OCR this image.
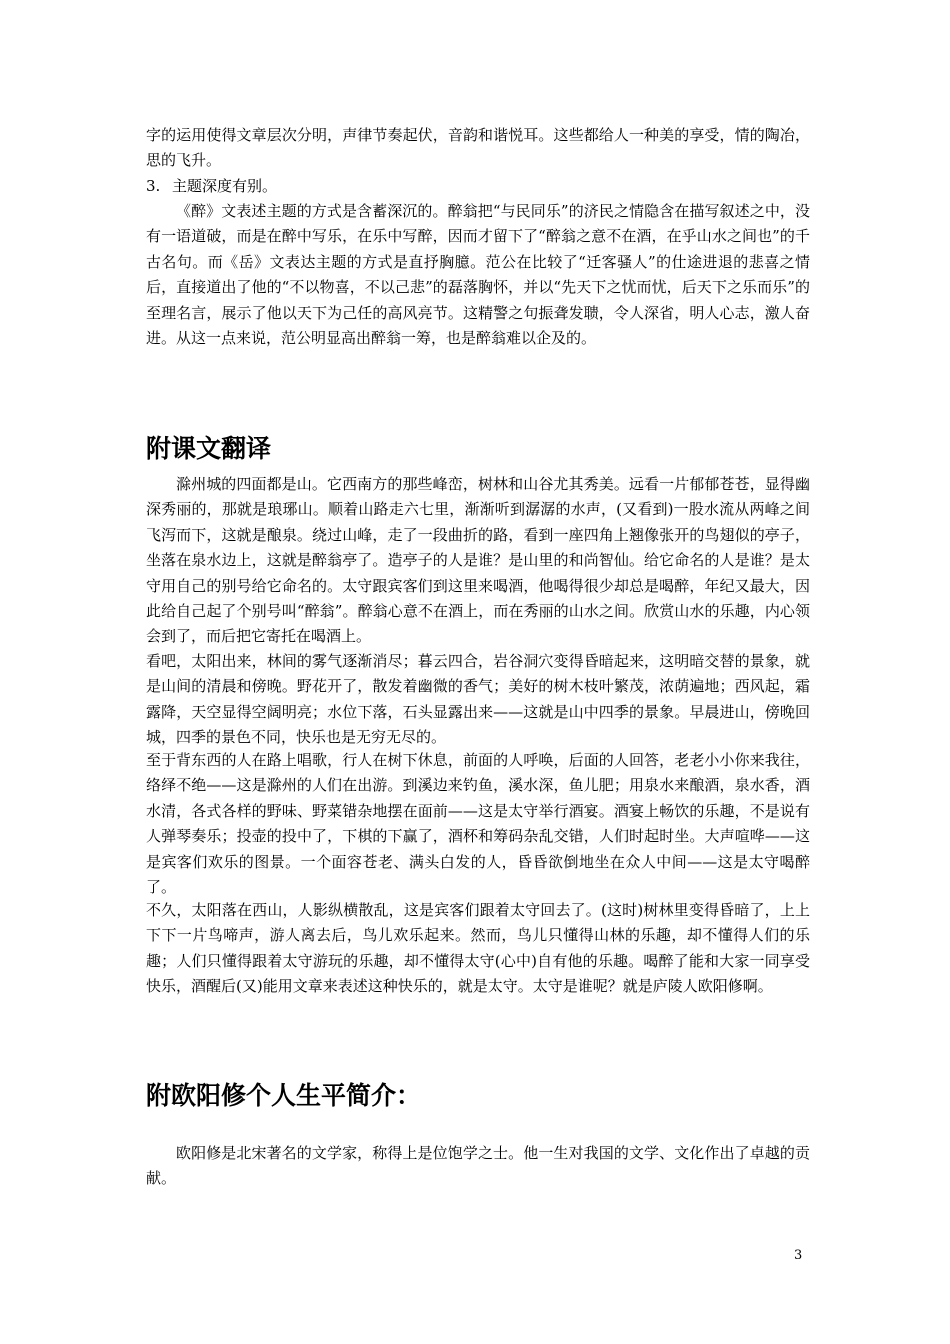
字的运用使得文章层次分明，声律节奏起伏，音韵和谐悦耳。这些都给人一种美的享受，情的陶冶，思的飞升。

3. 主题深度有别。

《醉》文表述主题的方式是含蓄深沉的。醉翁把“与民同乐”的济民之情隐含在描写叙述之中，没有一语道破，而是在醉中写乐，在乐中写醉，因而才留下了“醉翁之意不在酒，在乎山水之间也”的千古名句。而《岳》文表达主题的方式是直抒胸臆。范公在比较了“迁客骚人”的仕途进退的悲喜之情后，直接道出了他的“不以物喜，不以己悲”的磊落胸怀，并以“先天下之忧而忧，后天下之乐而乐”的至理名言，展示了他以天下为己任的高风亮节。这精警之句振聋发聩，令人深省，明人心志，激人奋进。从这一点来说，范公明显高出醉翁一筹，也是醉翁难以企及的。

附课文翻译

滁州城的四面都是山。它西南方的那些峰峦，树林和山谷尤其秀美。远看一片郁郁苍苍，显得幽深秀丽的，那就是琅琊山。顺着山路走六七里，渐渐听到潺潺的水声，(又看到)一股水流从两峰之间飞泻而下，这就是酿泉。绕过山峰，走了一段曲折的路，看到一座四角上翘像张开的鸟翅似的亭子，坐落在泉水边上，这就是醉翁亭了。造亭子的人是谁？是山里的和尚智仙。给它命名的人是谁？是太守用自己的别号给它命名的。太守跟宾客们到这里来喝酒，他喝得很少却总是喝醉，年纪又最大，因此给自己起了个别号叫“醉翁”。醉翁心意不在酒上，而在秀丽的山水之间。欣赏山水的乐趣，内心领会到了，而后把它寄托在喝酒上。

看吧，太阳出来，林间的雾气逐渐消尽；暮云四合，岩谷洞穴变得昏暗起来，这明暗交替的景象，就是山间的清晨和傍晚。野花开了，散发着幽微的香气；美好的树木枝叶繁茂，浓荫遍地；西风起，霜露降，天空显得空阔明亮；水位下落，石头显露出来——这就是山中四季的景象。早晨进山，傍晚回城，四季的景色不同，快乐也是无穷无尽的。

至于背东西的人在路上唱歌，行人在树下休息，前面的人呼唤，后面的人回答，老老小小你来我往，络绎不绝——这是滁州的人们在出游。到溪边来钓鱼，溪水深，鱼儿肥；用泉水来酿酒，泉水香，酒水清，各式各样的野味、野菜错杂地摆在面前——这是太守举行酒宴。酒宴上畅饮的乐趣，不是说有人弹琴奏乐；投壶的投中了，下棋的下赢了，酒杯和筹码杂乱交错，人们时起时坐。大声喧哗——这是宾客们欢乐的图景。一个面容苍老、满头白发的人，昏昏欲倒地坐在众人中间——这是太守喝醉了。

不久，太阳落在西山，人影纵横散乱，这是宾客们跟着太守回去了。(这时)树林里变得昏暗了，上上下下一片鸟啼声，游人离去后，鸟儿欢乐起来。然而，鸟儿只懂得山林的乐趣，却不懂得人们的乐趣；人们只懂得跟着太守游玩的乐趣，却不懂得太守(心中)自有他的乐趣。喝醉了能和大家一同享受快乐，酒醒后(又)能用文章来表述这种快乐的，就是太守。太守是谁呢？就是庐陵人欧阳修啊。

附欧阳修个人生平简介：

欧阳修是北宋著名的文学家，称得上是位饱学之士。他一生对我国的文学、文化作出了卓越的贡献。

3
